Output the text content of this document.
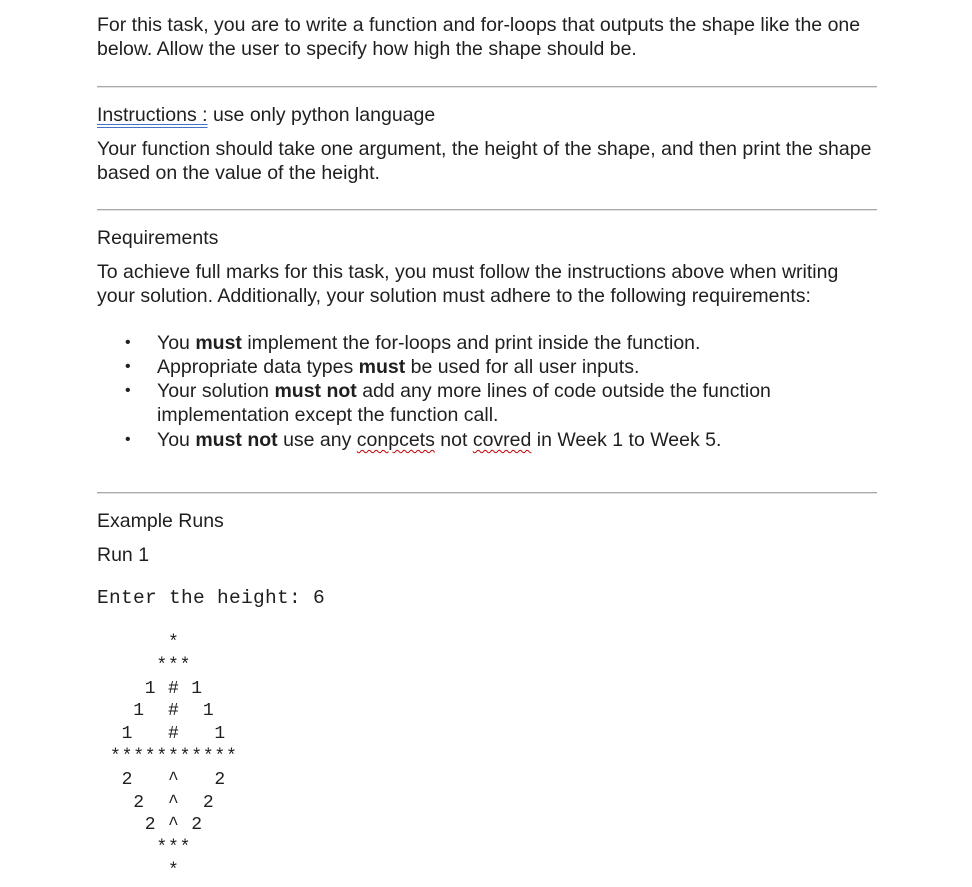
For this task, you are to write a function and for-loops that outputs the shape like the one below. Allow the user to specify how high the shape should be.

Instructions : use only python language

Your function should take one argument, the height of the shape, and then print the shape based on the value of the height.

Requirements

To achieve full marks for this task, you must follow the instructions above when writing your solution. Additionally, your solution must adhere to the following requirements:

• You must implement the for-loops and print inside the function.
• Appropriate data types must be used for all user inputs.
• Your solution must not add any more lines of code outside the function implementation except the function call.
• You must not use any conpcets not covred in Week 1 to Week 5.

Example Runs

Run 1

Enter the height: 6
*
***
1 # 1
1  #  1
1   #   1
***********
2   ^   2
2  ^  2
2 ^ 2
***
*
